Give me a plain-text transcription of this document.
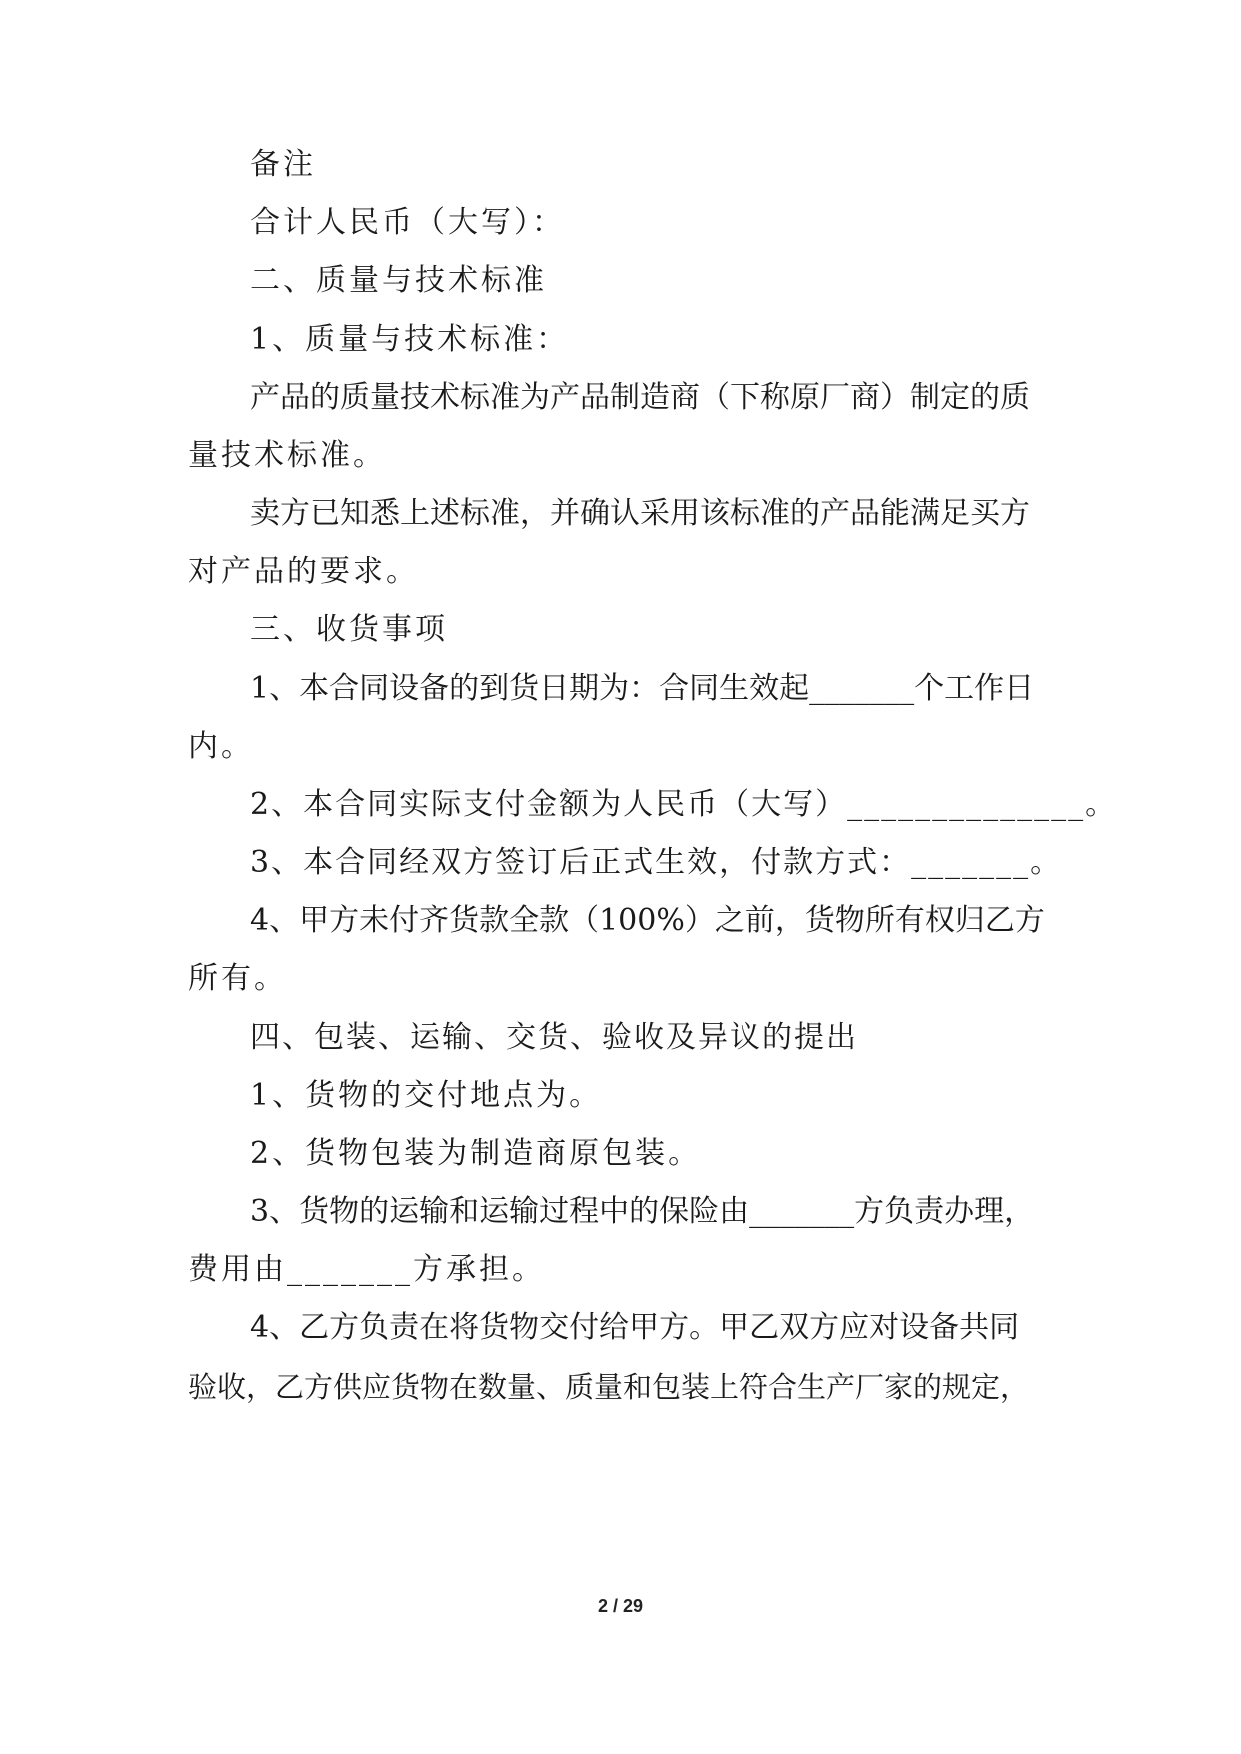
备注
合计人民币（大写）：
二、质量与技术标准
1、质量与技术标准：
产品的质量技术标准为产品制造商（下称原厂商）制定的质
量技术标准。
卖方已知悉上述标准，并确认采用该标准的产品能满足买方
对产品的要求。
三、收货事项
1、本合同设备的到货日期为：合同生效起_______个工作日
内。
2、本合同实际支付金额为人民币（大写）______________。
3、本合同经双方签订后正式生效，付款方式：_______。
4、甲方未付齐货款全款（100%）之前，货物所有权归乙方
所有。
四、包装、运输、交货、验收及异议的提出
1、货物的交付地点为。
2、货物包装为制造商原包装。
3、货物的运输和运输过程中的保险由_______方负责办理，
费用由_______方承担。
4、乙方负责在将货物交付给甲方。甲乙双方应对设备共同
验收，乙方供应货物在数量、质量和包装上符合生产厂家的规定，
2 / 29
